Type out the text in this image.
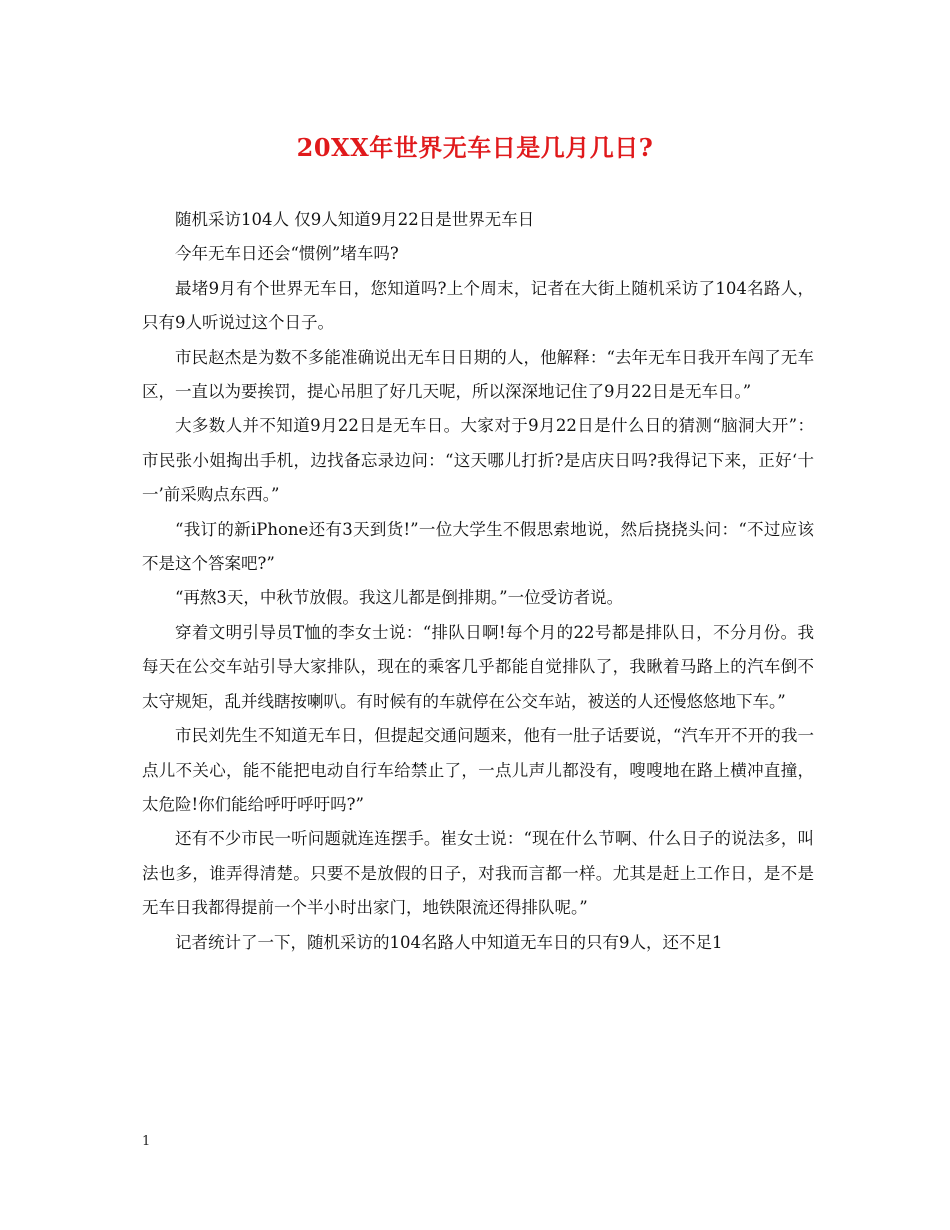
20XX年世界无车日是几月几日?

随机采访104人 仅9人知道9月22日是世界无车日

今年无车日还会“惯例”堵车吗?

最堵9月有个世界无车日，您知道吗?上个周末，记者在大街上随机采访了104名路人，只有9人听说过这个日子。

市民赵杰是为数不多能准确说出无车日日期的人，他解释：“去年无车日我开车闯了无车区，一直以为要挨罚，提心吊胆了好几天呢，所以深深地记住了9月22日是无车日。”

大多数人并不知道9月22日是无车日。大家对于9月22日是什么日的猜测“脑洞大开”：市民张小姐掏出手机，边找备忘录边问：“这天哪儿打折?是店庆日吗?我得记下来，正好‘十一’前采购点东西。”

“我订的新iPhone还有3天到货!”一位大学生不假思索地说，然后挠挠头问：“不过应该不是这个答案吧?”

“再熬3天，中秋节放假。我这儿都是倒排期。”一位受访者说。

穿着文明引导员T恤的李女士说：“排队日啊!每个月的22号都是排队日，不分月份。我每天在公交车站引导大家排队，现在的乘客几乎都能自觉排队了，我瞅着马路上的汽车倒不太守规矩，乱并线瞎按喇叭。有时候有的车就停在公交车站，被送的人还慢悠悠地下车。”

市民刘先生不知道无车日，但提起交通问题来，他有一肚子话要说，“汽车开不开的我一点儿不关心，能不能把电动自行车给禁止了，一点儿声儿都没有，嗖嗖地在路上横冲直撞，太危险!你们能给呼吁呼吁吗?”

还有不少市民一听问题就连连摆手。崔女士说：“现在什么节啊、什么日子的说法多，叫法也多，谁弄得清楚。只要不是放假的日子，对我而言都一样。尤其是赶上工作日，是不是无车日我都得提前一个半小时出家门，地铁限流还得排队呢。”

记者统计了一下，随机采访的104名路人中知道无车日的只有9人，还不足1

1
